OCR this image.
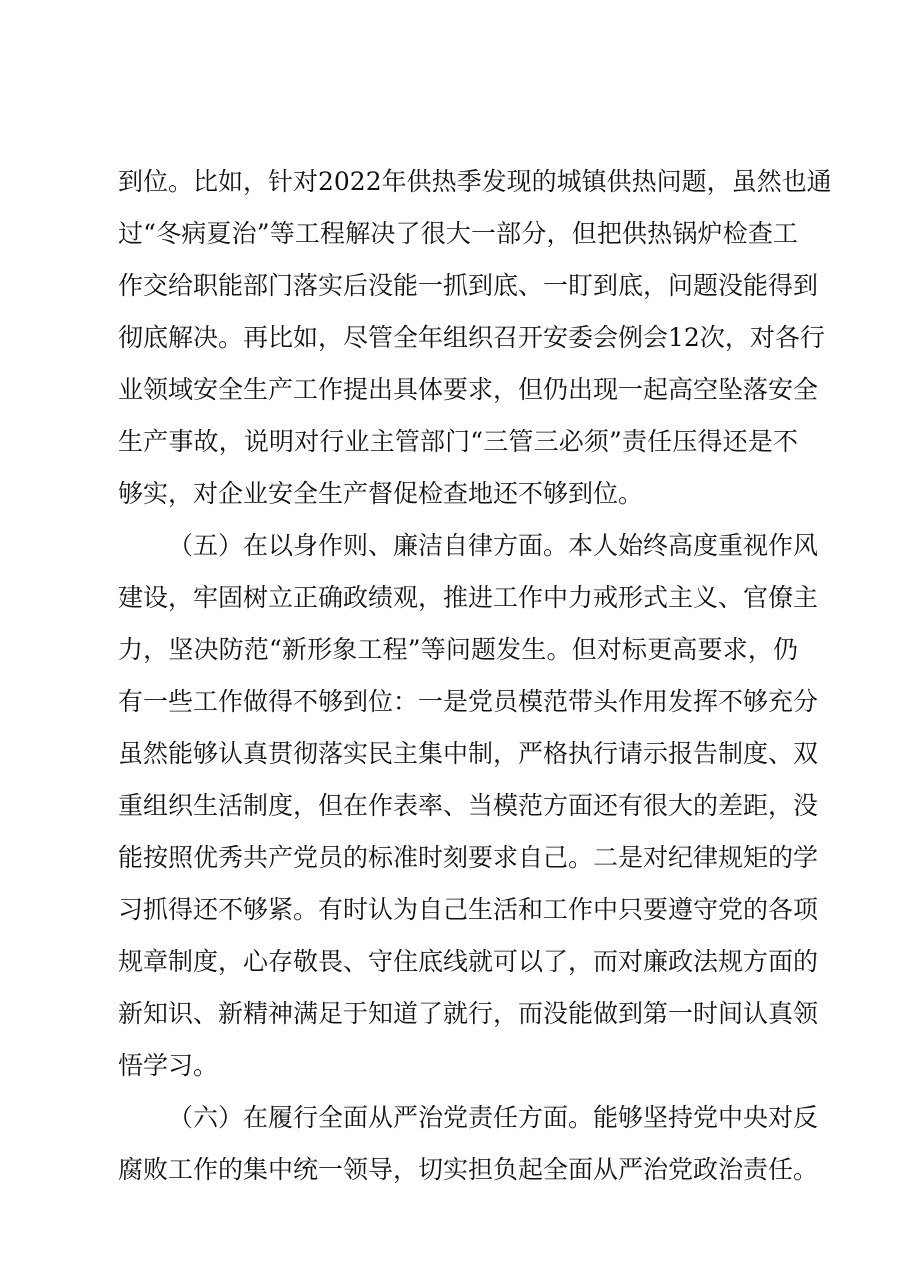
到位。比如，针对2022年供热季发现的城镇供热问题，虽然也通
过“冬病夏治”等工程解决了很大一部分，但把供热锅炉检查工
作交给职能部门落实后没能一抓到底、一盯到底，问题没能得到
彻底解决。再比如，尽管全年组织召开安委会例会12次，对各行
业领域安全生产工作提出具体要求，但仍出现一起高空坠落安全
生产事故，说明对行业主管部门“三管三必须”责任压得还是不
够实，对企业安全生产督促检查地还不够到位。
（五）在以身作则、廉洁自律方面。本人始终高度重视作风
建设，牢固树立正确政绩观，推进工作中力戒形式主义、官僚主
力，坚决防范“新形象工程”等问题发生。但对标更高要求，仍
有一些工作做得不够到位：一是党员模范带头作用发挥不够充分
虽然能够认真贯彻落实民主集中制，严格执行请示报告制度、双
重组织生活制度，但在作表率、当模范方面还有很大的差距，没
能按照优秀共产党员的标准时刻要求自己。二是对纪律规矩的学
习抓得还不够紧。有时认为自己生活和工作中只要遵守党的各项
规章制度，心存敬畏、守住底线就可以了，而对廉政法规方面的
新知识、新精神满足于知道了就行，而没能做到第一时间认真领
悟学习。
（六）在履行全面从严治党责任方面。能够坚持党中央对反
腐败工作的集中统一领导，切实担负起全面从严治党政治责任。
